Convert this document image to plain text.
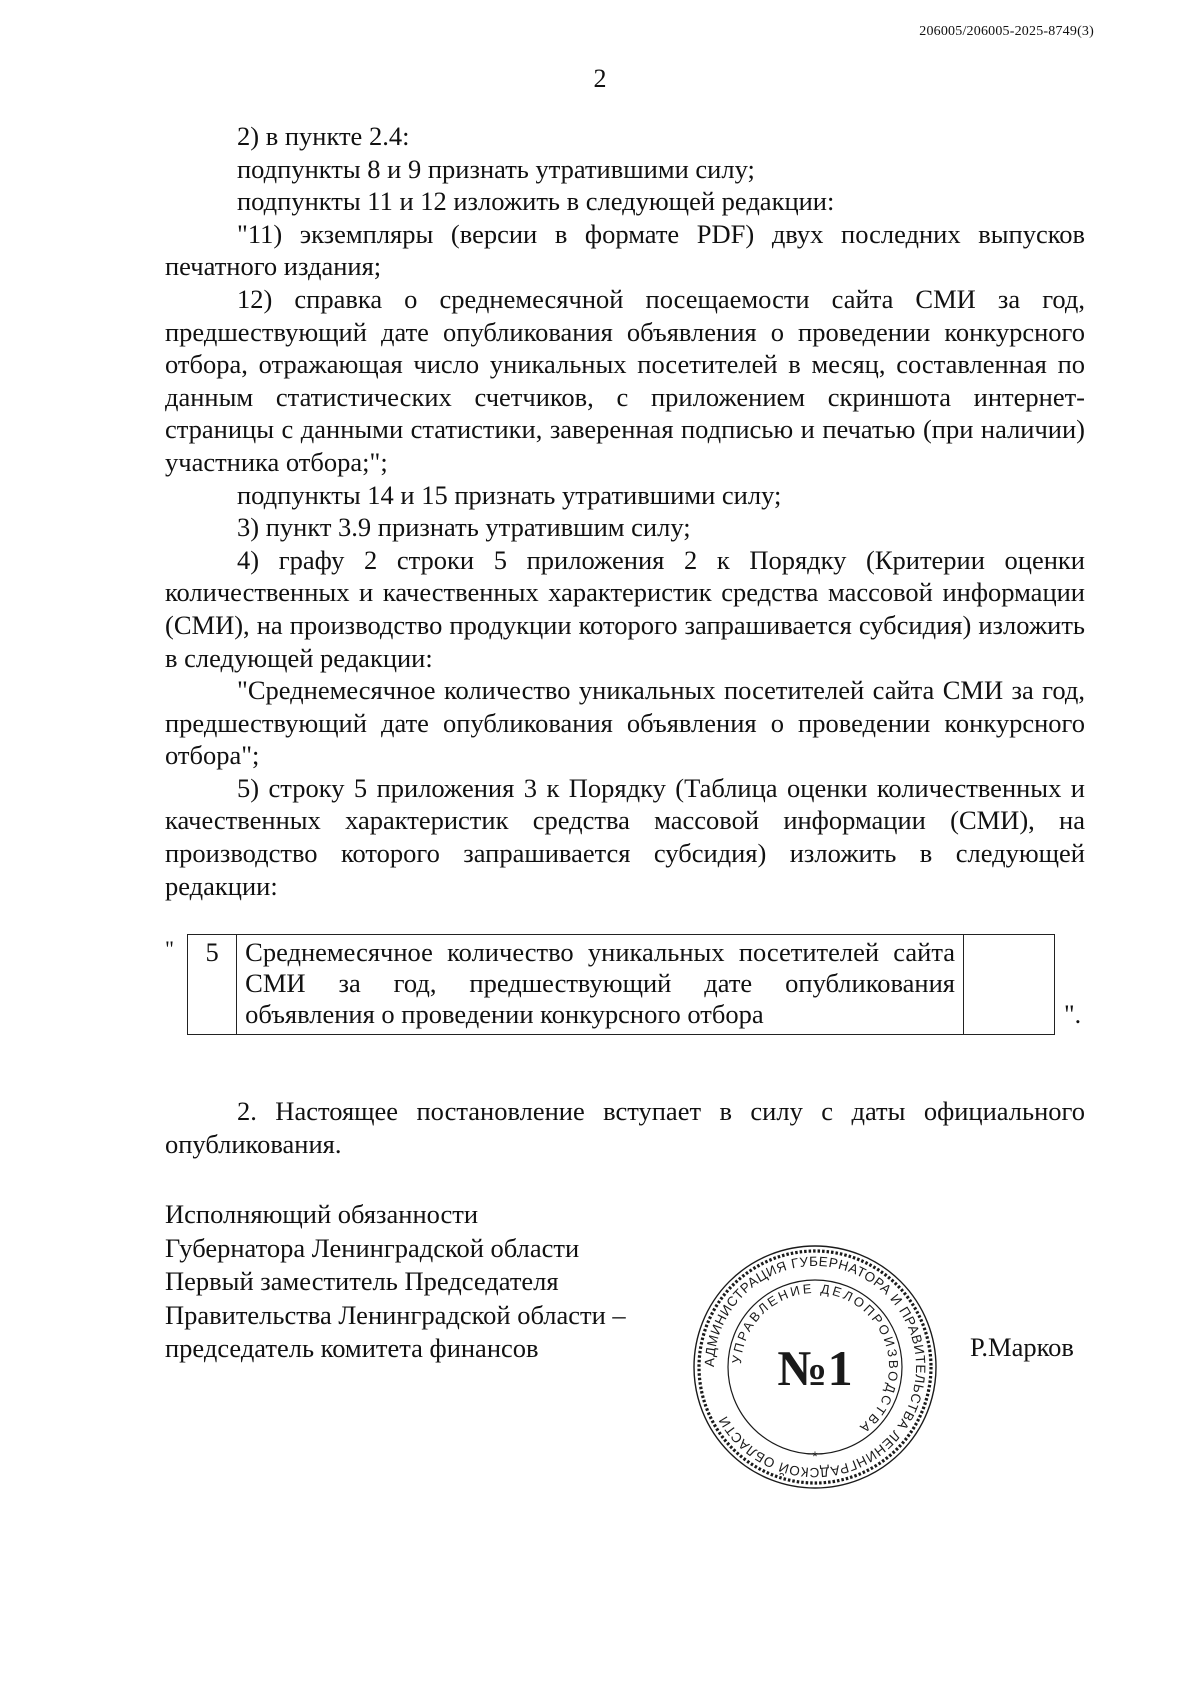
206005/206005-2025-8749(3)
2

2) в пункте 2.4:

подпункты 8 и 9 признать утратившими силу;

подпункты 11 и 12 изложить в следующей редакции:

"11) экземпляры (версии в формате PDF) двух последних выпусков печатного издания;

12) справка о среднемесячной посещаемости сайта СМИ за год, предшествующий дате опубликования объявления о проведении конкурсного отбора, отражающая число уникальных посетителей в месяц, составленная по данным статистических счетчиков, с приложением скриншота интернет-страницы с данными статистики, заверенная подписью и печатью (при наличии) участника отбора;";

подпункты 14 и 15 признать утратившими силу;

3) пункт 3.9 признать утратившим силу;

4) графу 2 строки 5 приложения 2 к Порядку (Критерии оценки количественных и качественных характеристик средства массовой информации (СМИ), на производство продукции которого запрашивается субсидия) изложить в следующей редакции:

"Среднемесячное количество уникальных посетителей сайта СМИ за год, предшествующий дате опубликования объявления о проведении конкурсного отбора";

5) строку 5 приложения 3 к Порядку (Таблица оценки количественных и качественных характеристик средства массовой информации (СМИ), на производство которого запрашивается субсидия) изложить в следующей редакции:

" 5	Среднемесячное количество уникальных посетителей сайта СМИ за год, предшествующий дате опубликования объявления о проведении конкурсного отбора		".

2. Настоящее постановление вступает в силу с даты официального опубликования.

Исполняющий обязанности
Губернатора Ленинградской области
Первый заместитель Председателя
Правительства Ленинградской области –
председатель комитета финансов	Р.Марков
АДМИНИСТРАЦИЯ ГУБЕРНАТОРА И ПРАВИТЕЛЬСТВА ЛЕНИНГРАДСКОЙ ОБЛАСТИ
УПРАВЛЕНИЕ ДЕЛОПРОИЗВОДСТВА
№1
*
